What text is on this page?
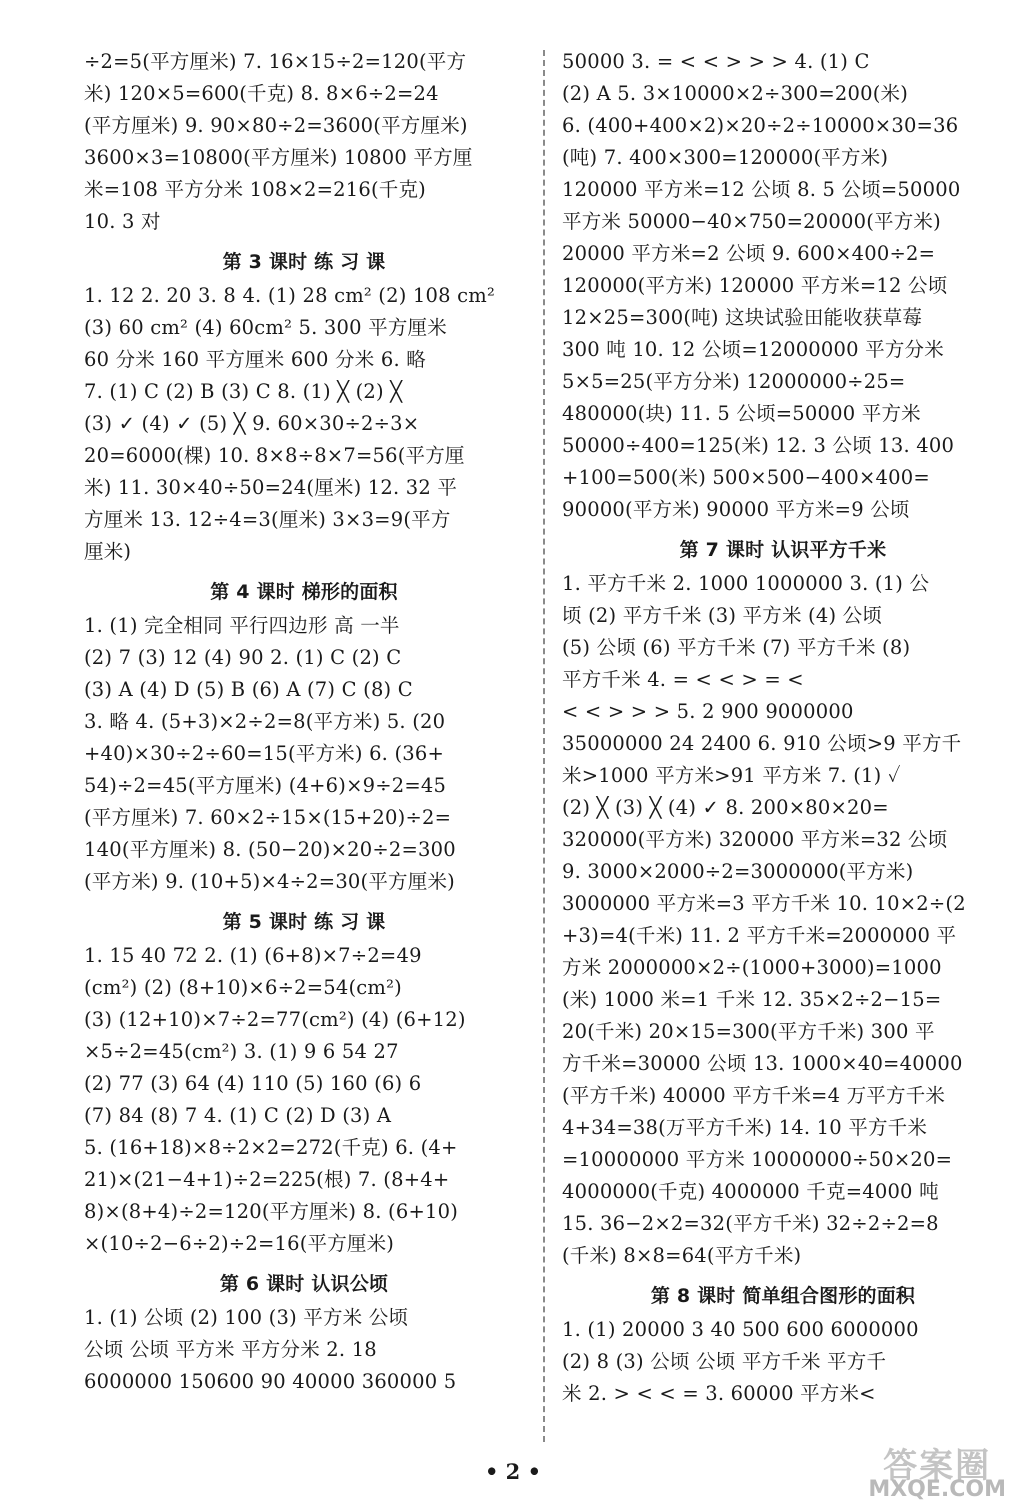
÷2=5(平方厘米) 7. 16×15÷2=120(平方
米) 120×5=600(千克) 8. 8×6÷2=24
(平方厘米) 9. 90×80÷2=3600(平方厘米)
3600×3=10800(平方厘米) 10800 平方厘
米=108 平方分米 108×2=216(千克)
10. 3 对
第 3 课时 练 习 课
1. 12 2. 20 3. 8 4. (1) 28 cm² (2) 108 cm²
(3) 60 cm² (4) 60cm² 5. 300 平方厘米
60 分米 160 平方厘米 600 分米 6. 略
7. (1) C (2) B (3) C 8. (1) ╳ (2) ╳
(3) ✓ (4) ✓ (5) ╳ 9. 60×30÷2÷3×
20=6000(棵) 10. 8×8÷8×7=56(平方厘
米) 11. 30×40÷50=24(厘米) 12. 32 平
方厘米 13. 12÷4=3(厘米) 3×3=9(平方
厘米)
第 4 课时 梯形的面积
1. (1) 完全相同 平行四边形 高 一半
(2) 7 (3) 12 (4) 90 2. (1) C (2) C
(3) A (4) D (5) B (6) A (7) C (8) C
3. 略 4. (5+3)×2÷2=8(平方米) 5. (20
+40)×30÷2÷60=15(平方米) 6. (36+
54)÷2=45(平方厘米) (4+6)×9÷2=45
(平方厘米) 7. 60×2÷15×(15+20)÷2=
140(平方厘米) 8. (50−20)×20÷2=300
(平方米) 9. (10+5)×4÷2=30(平方厘米)
第 5 课时 练 习 课
1. 15 40 72 2. (1) (6+8)×7÷2=49
(cm²) (2) (8+10)×6÷2=54(cm²)
(3) (12+10)×7÷2=77(cm²) (4) (6+12)
×5÷2=45(cm²) 3. (1) 9 6 54 27
(2) 77 (3) 64 (4) 110 (5) 160 (6) 6
(7) 84 (8) 7 4. (1) C (2) D (3) A
5. (16+18)×8÷2×2=272(千克) 6. (4+
21)×(21−4+1)÷2=225(根) 7. (8+4+
8)×(8+4)÷2=120(平方厘米) 8. (6+10)
×(10÷2−6÷2)÷2=16(平方厘米)
第 6 课时 认识公顷
1. (1) 公顷 (2) 100 (3) 平方米 公顷
公顷 公顷 平方米 平方分米 2. 18
6000000 150600 90 40000 360000 5
50000 3. = < < > > > 4. (1) C
(2) A 5. 3×10000×2÷300=200(米)
6. (400+400×2)×20÷2÷10000×30=36
(吨) 7. 400×300=120000(平方米)
120000 平方米=12 公顷 8. 5 公顷=50000
平方米 50000−40×750=20000(平方米)
20000 平方米=2 公顷 9. 600×400÷2=
120000(平方米) 120000 平方米=12 公顷
12×25=300(吨) 这块试验田能收获草莓
300 吨 10. 12 公顷=12000000 平方分米
5×5=25(平方分米) 12000000÷25=
480000(块) 11. 5 公顷=50000 平方米
50000÷400=125(米) 12. 3 公顷 13. 400
+100=500(米) 500×500−400×400=
90000(平方米) 90000 平方米=9 公顷
第 7 课时 认识平方千米
1. 平方千米 2. 1000 1000000 3. (1) 公
顷 (2) 平方千米 (3) 平方米 (4) 公顷
(5) 公顷 (6) 平方千米 (7) 平方千米 (8)
平方千米 4. = < < > = <
< < > > > 5. 2 900 9000000
35000000 24 2400 6. 910 公顷>9 平方千
米>1000 平方米>91 平方米 7. (1) ✓
(2) ╳ (3) ╳ (4) ✓ 8. 200×80×20=
320000(平方米) 320000 平方米=32 公顷
9. 3000×2000÷2=3000000(平方米)
3000000 平方米=3 平方千米 10. 10×2÷(2
+3)=4(千米) 11. 2 平方千米=2000000 平
方米 2000000×2÷(1000+3000)=1000
(米) 1000 米=1 千米 12. 35×2÷2−15=
20(千米) 20×15=300(平方千米) 300 平
方千米=30000 公顷 13. 1000×40=40000
(平方千米) 40000 平方千米=4 万平方千米
4+34=38(万平方千米) 14. 10 平方千米
=10000000 平方米 10000000÷50×20=
4000000(千克) 4000000 千克=4000 吨
15. 36−2×2=32(平方千米) 32÷2÷2=8
(千米) 8×8=64(平方千米)
第 8 课时 简单组合图形的面积
1. (1) 20000 3 40 500 600 6000000
(2) 8 (3) 公顷 公顷 平方千米 平方千
米 2. > < < = 3. 60000 平方米<
• 2 •	答案圈
MXQE.COM
